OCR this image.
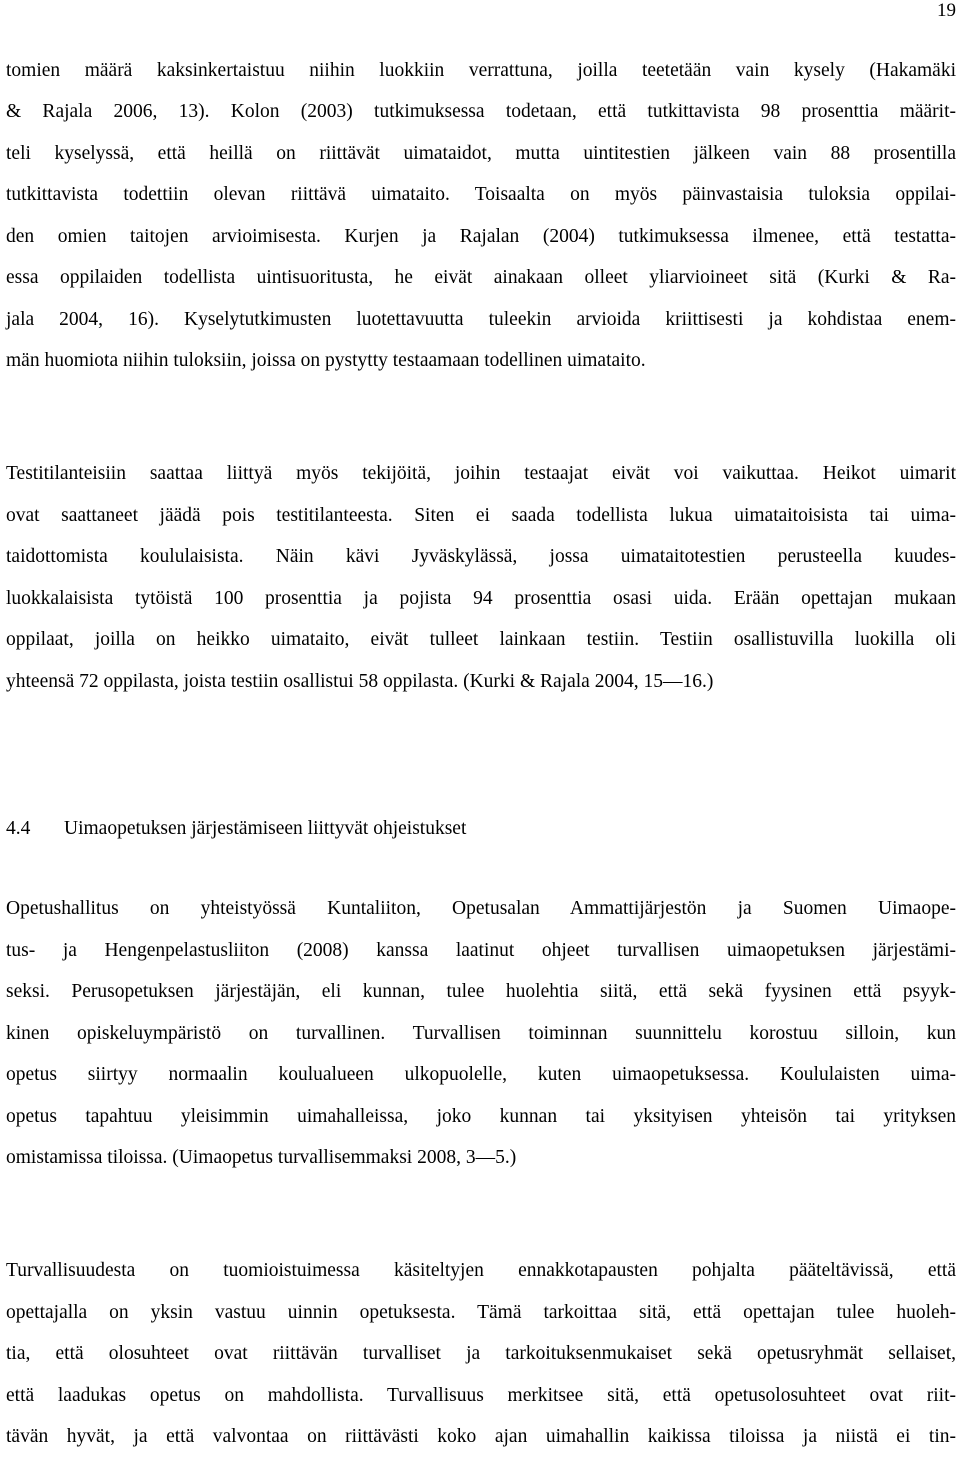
19
tomien määrä kaksinkertaistuu niihin luokkiin verrattuna, joilla teetetään vain kysely (Hakamäki
& Rajala 2006, 13). Kolon (2003) tutkimuksessa todetaan, että tutkittavista 98 prosenttia määrit-
teli kyselyssä, että heillä on riittävät uimataidot, mutta uintitestien jälkeen vain 88 prosentilla
tutkittavista todettiin olevan riittävä uimataito. Toisaalta on myös päinvastaisia tuloksia oppilai-
den omien taitojen arvioimisesta. Kurjen ja Rajalan (2004) tutkimuksessa ilmenee, että testatta-
essa oppilaiden todellista uintisuoritusta, he eivät ainakaan olleet yliarvioineet sitä (Kurki & Ra-
jala 2004, 16). Kyselytutkimusten luotettavuutta tuleekin arvioida kriittisesti ja kohdistaa enem-
män huomiota niihin tuloksiin, joissa on pystytty testaamaan todellinen uimataito.
Testitilanteisiin saattaa liittyä myös tekijöitä, joihin testaajat eivät voi vaikuttaa. Heikot uimarit
ovat saattaneet jäädä pois testitilanteesta. Siten ei saada todellista lukua uimataitoisista tai uima-
taidottomista koululaisista. Näin kävi Jyväskylässä, jossa uimataitotestien perusteella kuudes-
luokkalaisista tytöistä 100 prosenttia ja pojista 94 prosenttia osasi uida. Erään opettajan mukaan
oppilaat, joilla on heikko uimataito, eivät tulleet lainkaan testiin. Testiin osallistuvilla luokilla oli
yhteensä 72 oppilasta, joista testiin osallistui 58 oppilasta. (Kurki & Rajala 2004, 15—16.)
4.4 Uimaopetuksen järjestämiseen liittyvät ohjeistukset
Opetushallitus on yhteistyössä Kuntaliiton, Opetusalan Ammattijärjestön ja Suomen Uimaope-
tus- ja Hengenpelastusliiton (2008) kanssa laatinut ohjeet turvallisen uimaopetuksen järjestämi-
seksi. Perusopetuksen järjestäjän, eli kunnan, tulee huolehtia siitä, että sekä fyysinen että psyyk-
kinen opiskeluympäristö on turvallinen. Turvallisen toiminnan suunnittelu korostuu silloin, kun
opetus siirtyy normaalin koulualueen ulkopuolelle, kuten uimaopetuksessa. Koululaisten uima-
opetus tapahtuu yleisimmin uimahalleissa, joko kunnan tai yksityisen yhteisön tai yrityksen
omistamissa tiloissa. (Uimaopetus turvallisemmaksi 2008, 3—5.)
Turvallisuudesta on tuomioistuimessa käsiteltyjen ennakkotapausten pohjalta pääteltävissä, että
opettajalla on yksin vastuu uinnin opetuksesta. Tämä tarkoittaa sitä, että opettajan tulee huoleh-
tia, että olosuhteet ovat riittävän turvalliset ja tarkoituksenmukaiset sekä opetusryhmät sellaiset,
että laadukas opetus on mahdollista. Turvallisuus merkitsee sitä, että opetusolosuhteet ovat riit-
tävän hyvät, ja että valvontaa on riittävästi koko ajan uimahallin kaikissa tiloissa ja niistä ei tin-
